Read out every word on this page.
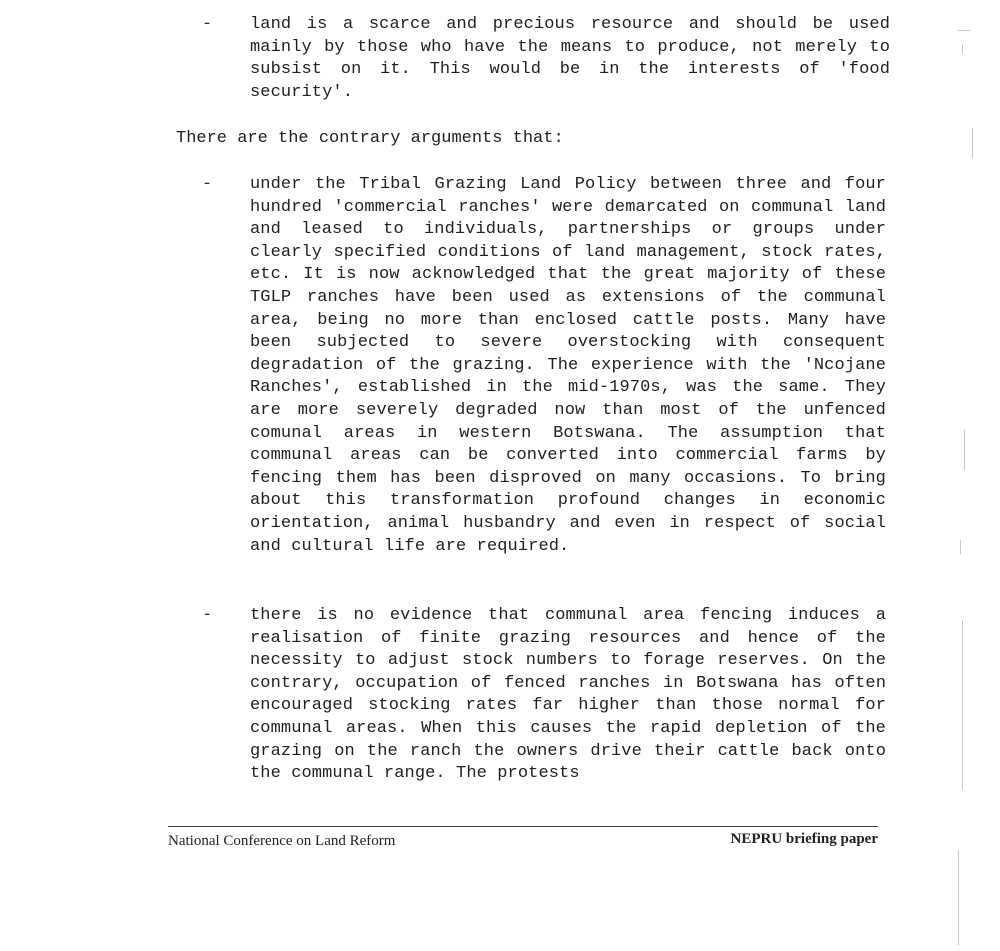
-	land is a scarce and precious resource and should be used mainly by those who have the means to produce, not merely to subsist on it. This would be in the interests of 'food security'.

There are the contrary arguments that:
-	under the Tribal Grazing Land Policy between three and four hundred 'commercial ranches' were demarcated on communal land and leased to individuals, partnerships or groups under clearly specified conditions of land management, stock rates, etc. It is now acknowledged that the great majority of these TGLP ranches have been used as extensions of the communal area, being no more than enclosed cattle posts. Many have been subjected to severe overstocking with consequent degradation of the grazing. The experience with the 'Ncojane Ranches', established in the mid-1970s, was the same. They are more severely degraded now than most of the unfenced comunal areas in western Botswana. The assumption that communal areas can be converted into commercial farms by fencing them has been disproved on many occasions. To bring about this transformation profound changes in economic orientation, animal husbandry and even in respect of social and cultural life are required.

-	there is no evidence that communal area fencing induces a realisation of finite grazing resources and hence of the necessity to adjust stock numbers to forage reserves. On the contrary, occupation of fenced ranches in Botswana has often encouraged stocking rates far higher than those normal for communal areas. When this causes the rapid depletion of the grazing on the ranch the owners drive their cattle back onto the communal range. The protests

National Conference on Land Reform	NEPRU briefing paper
